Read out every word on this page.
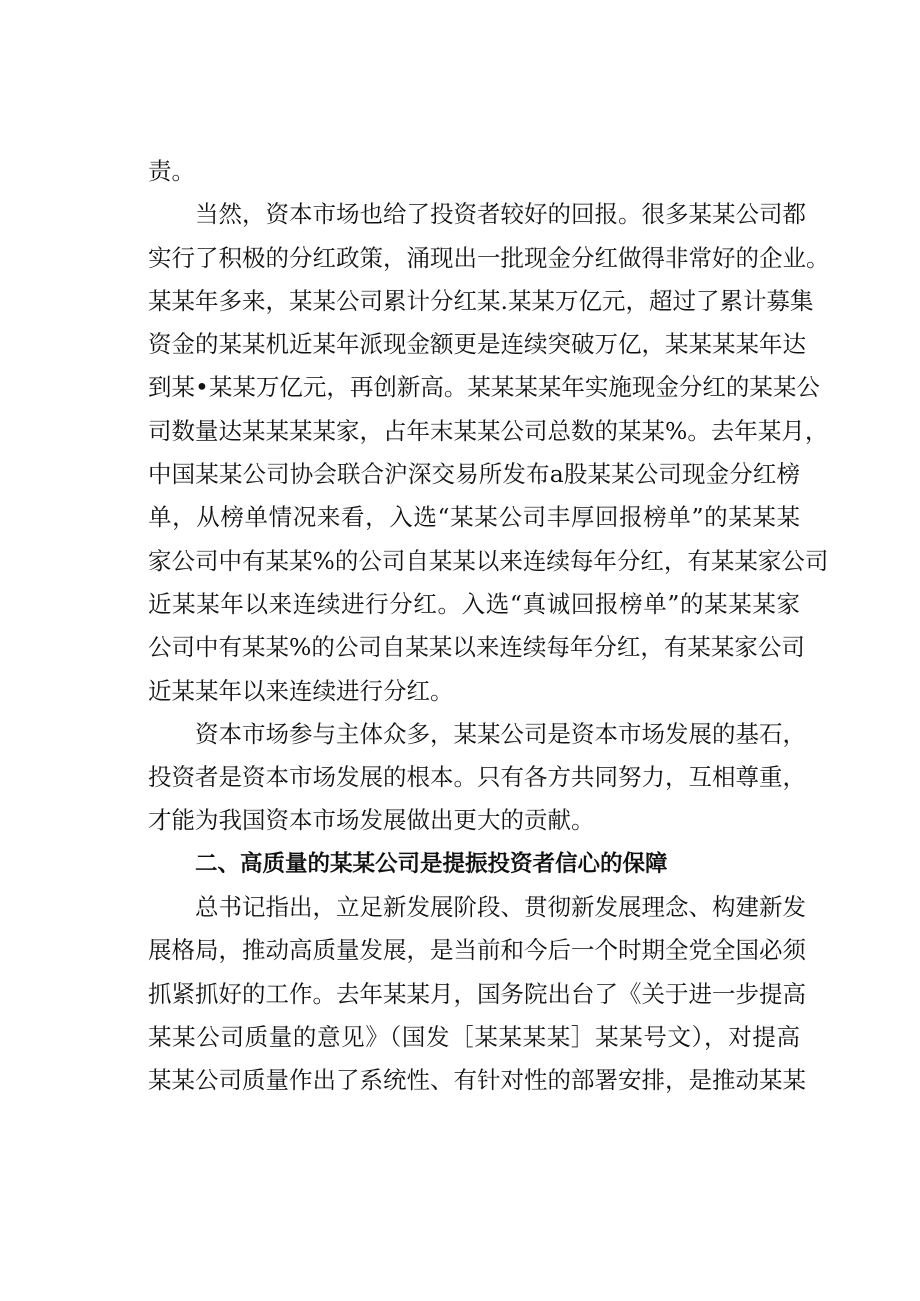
责。
当然，资本市场也给了投资者较好的回报。很多某某公司都
实行了积极的分红政策，涌现出一批现金分红做得非常好的企业。
某某年多来，某某公司累计分红某.某某万亿元，超过了累计募集
资金的某某机近某年派现金额更是连续突破万亿，某某某某年达
到某•某某万亿元，再创新高。某某某某年实施现金分红的某某公
司数量达某某某某家，占年末某某公司总数的某某%。去年某月，
中国某某公司协会联合沪深交易所发布a股某某公司现金分红榜
单，从榜单情况来看，入选“某某公司丰厚回报榜单”的某某某
家公司中有某某%的公司自某某以来连续每年分红，有某某家公司
近某某年以来连续进行分红。入选“真诚回报榜单”的某某某家
公司中有某某%的公司自某某以来连续每年分红，有某某家公司
近某某年以来连续进行分红。
资本市场参与主体众多，某某公司是资本市场发展的基石，
投资者是资本市场发展的根本。只有各方共同努力，互相尊重，
才能为我国资本市场发展做出更大的贡献。
二、高质量的某某公司是提振投资者信心的保障
总书记指出，立足新发展阶段、贯彻新发展理念、构建新发
展格局，推动高质量发展，是当前和今后一个时期全党全国必须
抓紧抓好的工作。去年某某月，国务院出台了《关于进一步提高
某某公司质量的意见》（国发［某某某某］某某号文），对提高
某某公司质量作出了系统性、有针对性的部署安排，是推动某某
